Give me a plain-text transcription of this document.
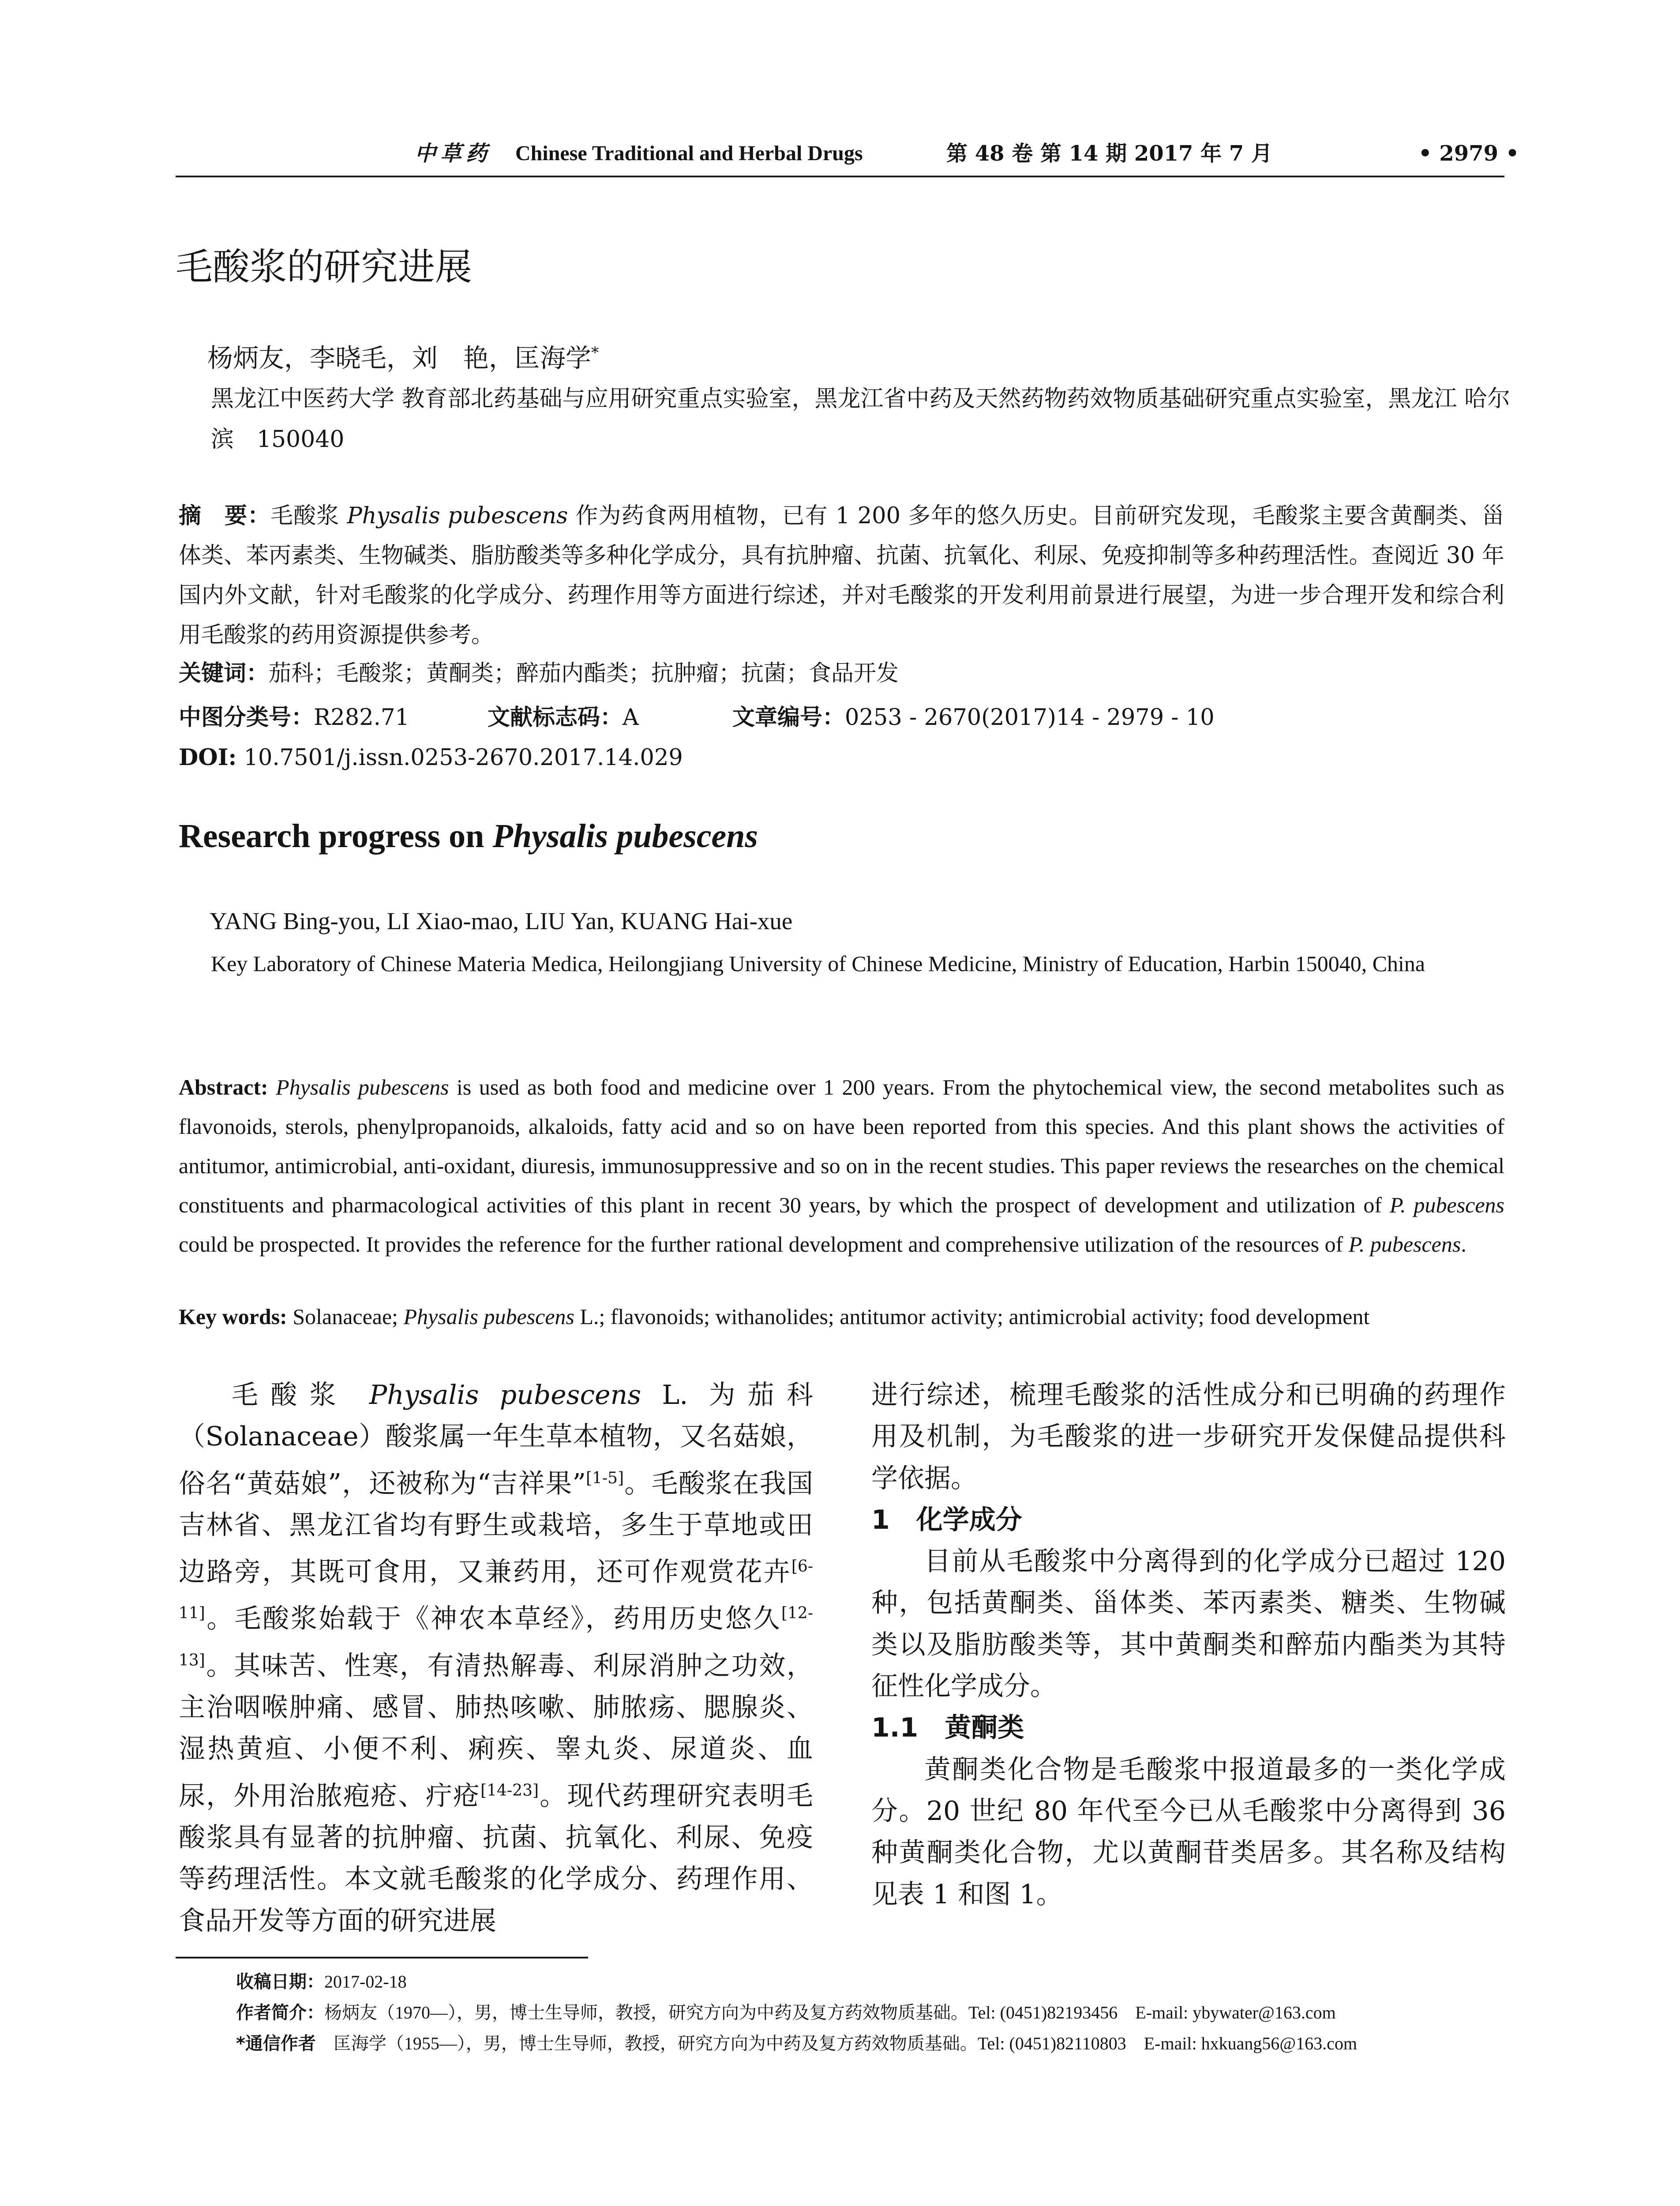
中草药 Chinese Traditional and Herbal Drugs	第 48 卷 第 14 期 2017 年 7 月	• 2979 •
毛酸浆的研究进展
杨炳友，李晓毛，刘　艳，匡海学*
黑龙江中医药大学 教育部北药基础与应用研究重点实验室，黑龙江省中药及天然药物药效物质基础研究重点实验室，黑龙江 哈尔滨　150040
摘　要：毛酸浆 Physalis pubescens 作为药食两用植物，已有 1 200 多年的悠久历史。目前研究发现，毛酸浆主要含黄酮类、甾体类、苯丙素类、生物碱类、脂肪酸类等多种化学成分，具有抗肿瘤、抗菌、抗氧化、利尿、免疫抑制等多种药理活性。查阅近 30 年国内外文献，针对毛酸浆的化学成分、药理作用等方面进行综述，并对毛酸浆的开发利用前景进行展望，为进一步合理开发和综合利用毛酸浆的药用资源提供参考。
关键词：茄科；毛酸浆；黄酮类；醉茄内酯类；抗肿瘤；抗菌；食品开发
中图分类号：R282.71	文献标志码：A	文章编号：0253 - 2670(2017)14 - 2979 - 10
DOI: 10.7501/j.issn.0253-2670.2017.14.029
Research progress on Physalis pubescens
YANG Bing-you, LI Xiao-mao, LIU Yan, KUANG Hai-xue
Key Laboratory of Chinese Materia Medica, Heilongjiang University of Chinese Medicine, Ministry of Education, Harbin 150040, China
Abstract: Physalis pubescens is used as both food and medicine over 1 200 years. From the phytochemical view, the second metabolites such as flavonoids, sterols, phenylpropanoids, alkaloids, fatty acid and so on have been reported from this species. And this plant shows the activities of antitumor, antimicrobial, anti-oxidant, diuresis, immunosuppressive and so on in the recent studies. This paper reviews the researches on the chemical constituents and pharmacological activities of this plant in recent 30 years, by which the prospect of development and utilization of P. pubescens could be prospected. It provides the reference for the further rational development and comprehensive utilization of the resources of P. pubescens.
Key words: Solanaceae; Physalis pubescens L.; flavonoids; withanolides; antitumor activity; antimicrobial activity; food development

毛酸浆 Physalis pubescens L. 为茄科（Solanaceae）酸浆属一年生草本植物，又名菇娘，俗名“黄菇娘”，还被称为“吉祥果”[1-5]。毛酸浆在我国吉林省、黑龙江省均有野生或栽培，多生于草地或田边路旁，其既可食用，又兼药用，还可作观赏花卉[6-11]。毛酸浆始载于《神农本草经》，药用历史悠久[12-13]。其味苦、性寒，有清热解毒、利尿消肿之功效，主治咽喉肿痛、感冒、肺热咳嗽、肺脓疡、腮腺炎、湿热黄疸、小便不利、痢疾、睾丸炎、尿道炎、血尿，外用治脓疱疮、疔疮[14-23]。现代药理研究表明毛酸浆具有显著的抗肿瘤、抗菌、抗氧化、利尿、免疫等药理活性。本文就毛酸浆的化学成分、药理作用、食品开发等方面的研究进展

进行综述，梳理毛酸浆的活性成分和已明确的药理作用及机制，为毛酸浆的进一步研究开发保健品提供科学依据。

1　化学成分

目前从毛酸浆中分离得到的化学成分已超过 120 种，包括黄酮类、甾体类、苯丙素类、糖类、生物碱类以及脂肪酸类等，其中黄酮类和醉茄内酯类为其特征性化学成分。

1.1　黄酮类

黄酮类化合物是毛酸浆中报道最多的一类化学成分。20 世纪 80 年代至今已从毛酸浆中分离得到 36 种黄酮类化合物，尤以黄酮苷类居多。其名称及结构见表 1 和图 1。

收稿日期：2017-02-18
作者简介：杨炳友（1970—），男，博士生导师，教授，研究方向为中药及复方药效物质基础。Tel: (0451)82193456　E-mail: ybywater@163.com
*通信作者　匡海学（1955—），男，博士生导师，教授，研究方向为中药及复方药效物质基础。Tel: (0451)82110803　E-mail: hxkuang56@163.com
